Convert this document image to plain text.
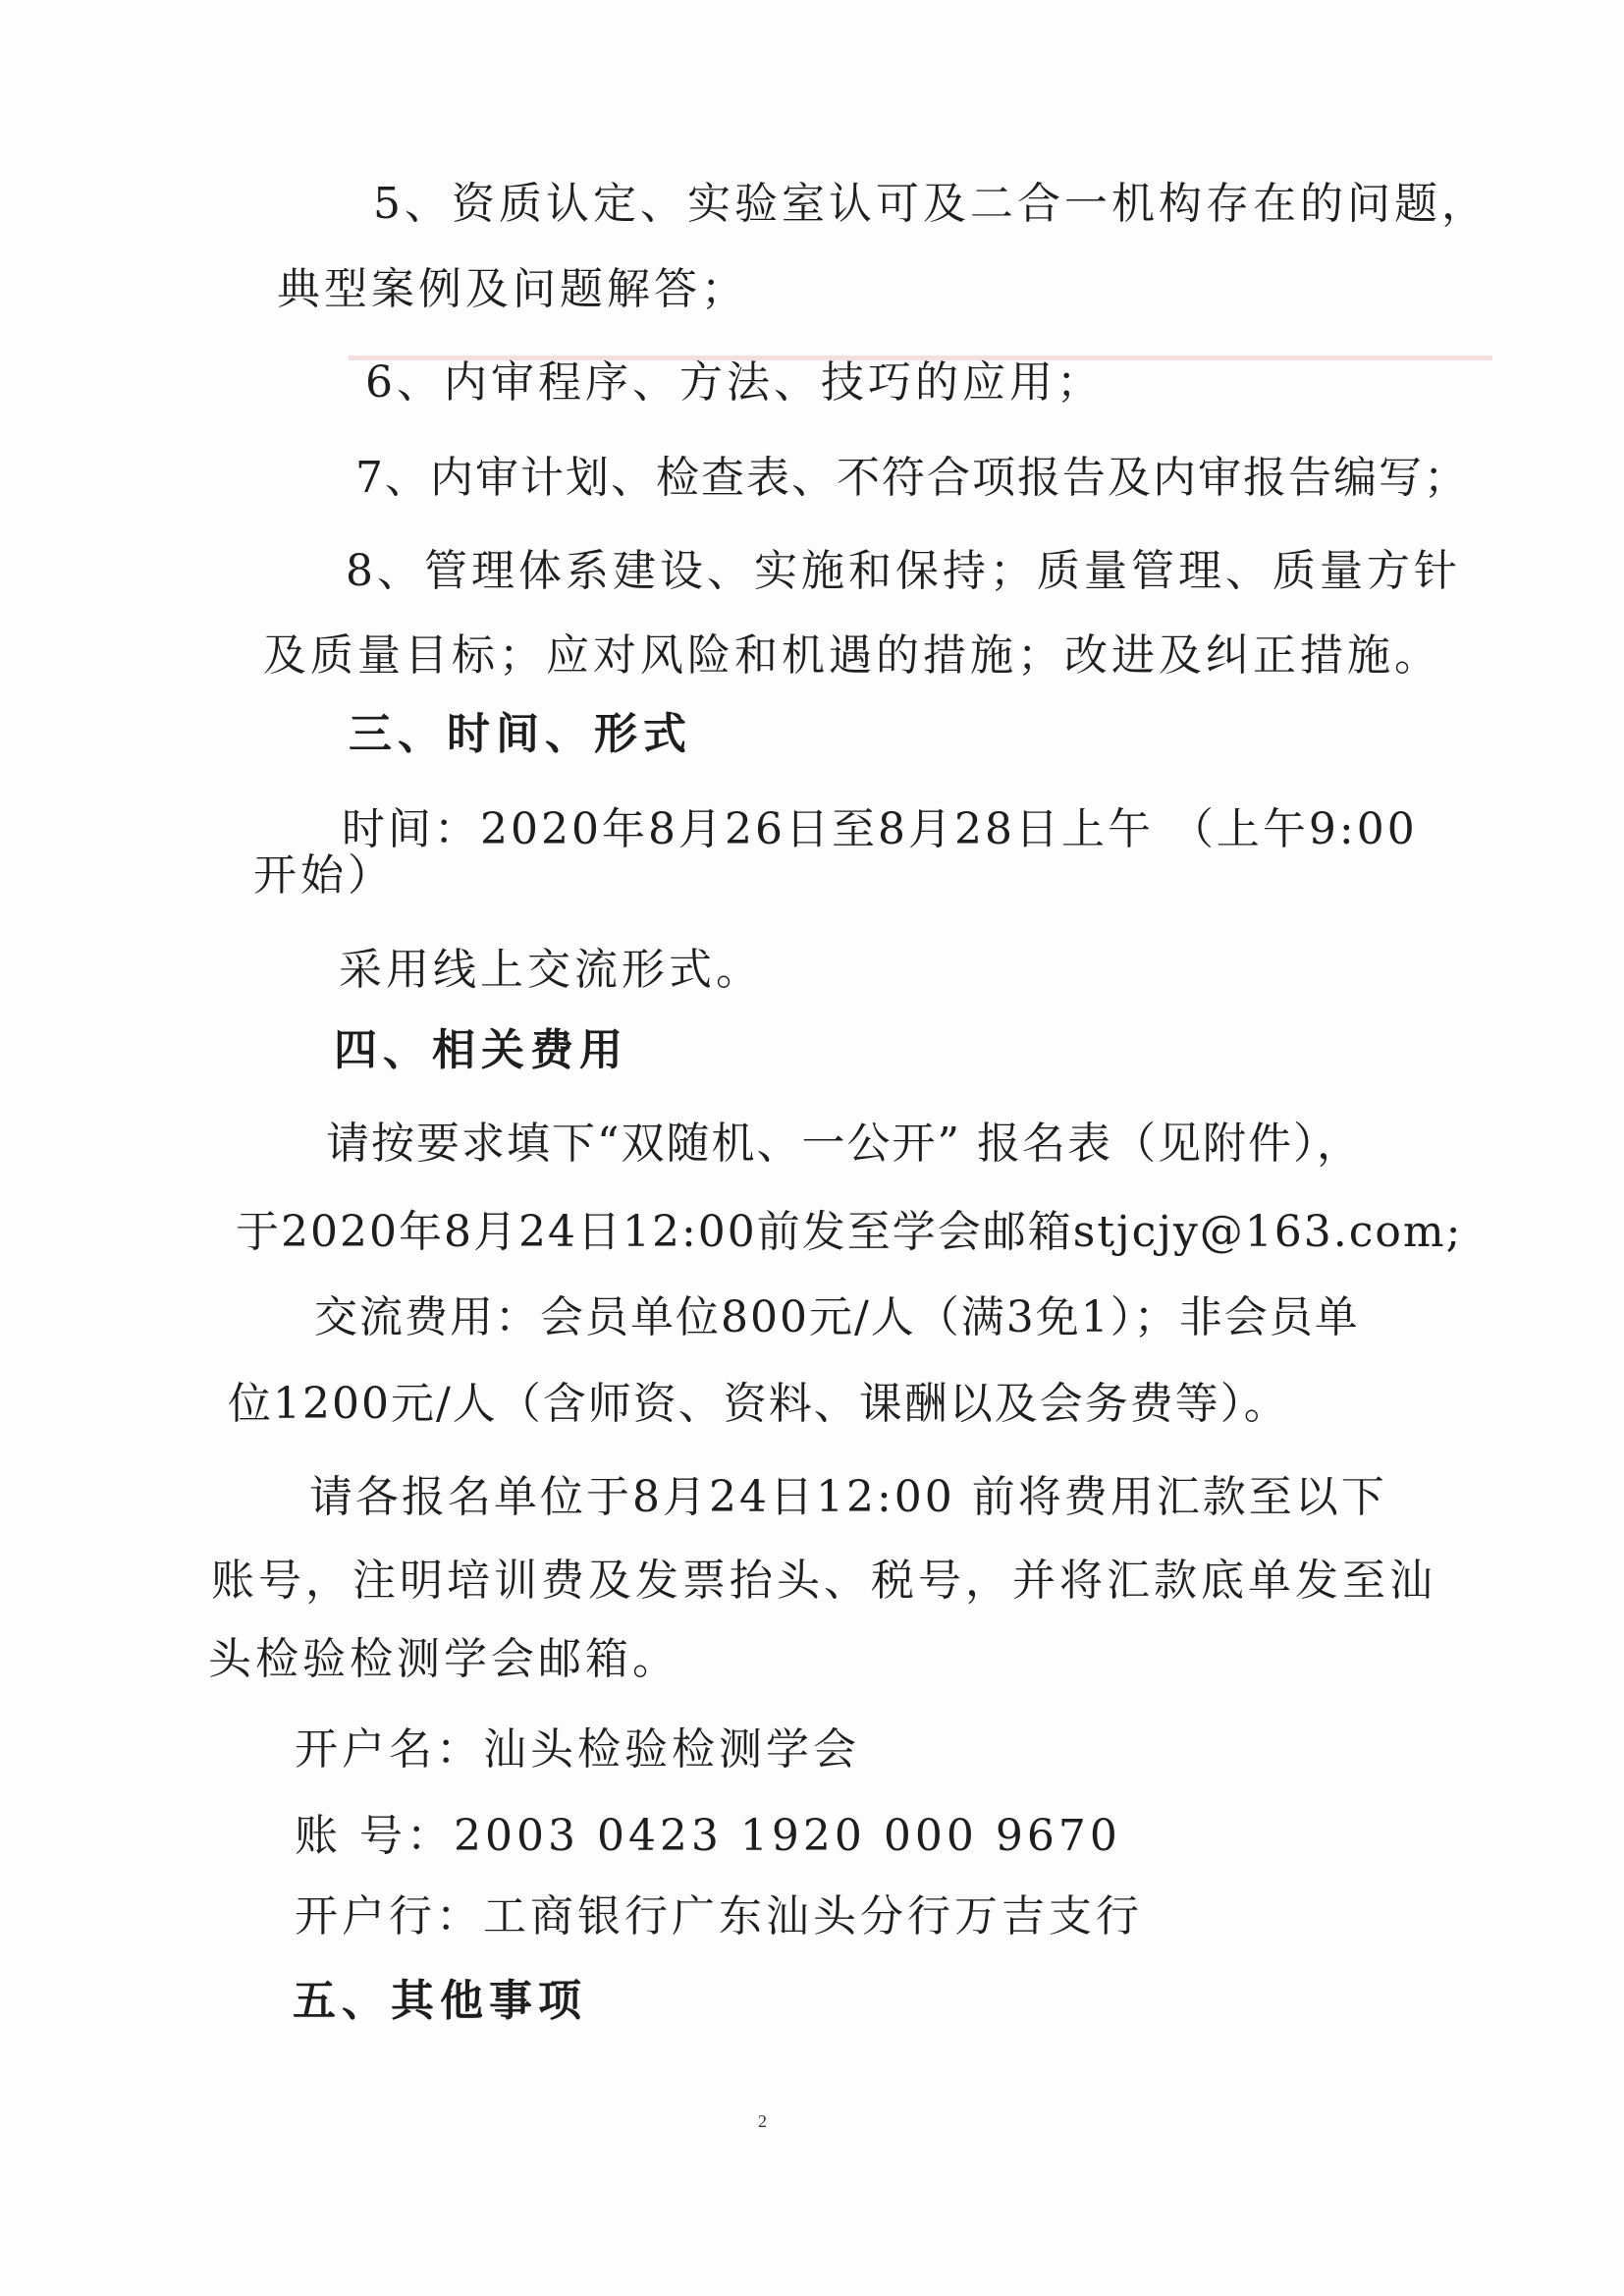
5、资质认定、实验室认可及二合一机构存在的问题，
典型案例及问题解答；
6、内审程序、方法、技巧的应用；
7、内审计划、检查表、不符合项报告及内审报告编写；
8、管理体系建设、实施和保持；质量管理、质量方针
及质量目标；应对风险和机遇的措施；改进及纠正措施。
三、时间、形式
时间：2020年8月26日至8月28日上午 （上午9:00
开始）
采用线上交流形式。
四、相关费用
请按要求填下“双随机、一公开” 报名表（见附件），
于2020年8月24日12:00前发至学会邮箱stjcjy@163.com;
交流费用：会员单位800元/人（满3免1）；非会员单
位1200元/人（含师资、资料、课酬以及会务费等）。
请各报名单位于8月24日12:00 前将费用汇款至以下
账号，注明培训费及发票抬头、税号，并将汇款底单发至汕
头检验检测学会邮箱。
开户名：汕头检验检测学会
账 号：2003 0423 1920 000 9670
开户行：工商银行广东汕头分行万吉支行
五、其他事项
2
